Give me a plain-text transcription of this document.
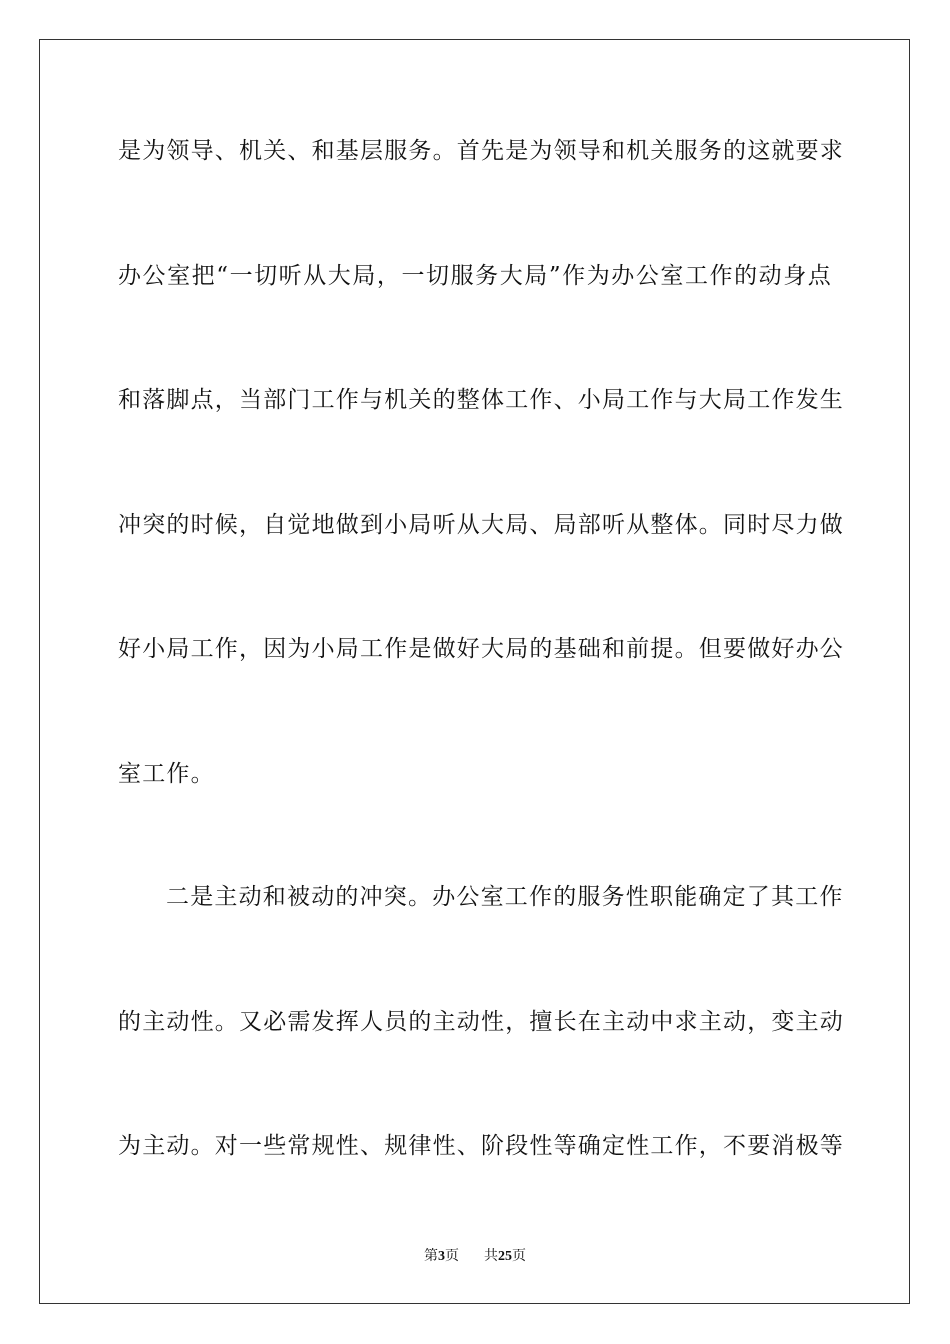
是为领导、机关、和基层服务。首先是为领导和机关服务的这就要求

办公室把“一切听从大局，一切服务大局”作为办公室工作的动身点

和落脚点，当部门工作与机关的整体工作、小局工作与大局工作发生

冲突的时候，自觉地做到小局听从大局、局部听从整体。同时尽力做

好小局工作，因为小局工作是做好大局的基础和前提。但要做好办公

室工作。

二是主动和被动的冲突。办公室工作的服务性职能确定了其工作

的主动性。又必需发挥人员的主动性，擅长在主动中求主动，变主动

为主动。对一些常规性、规律性、阶段性等确定性工作，不要消极等

第3页 共25页
